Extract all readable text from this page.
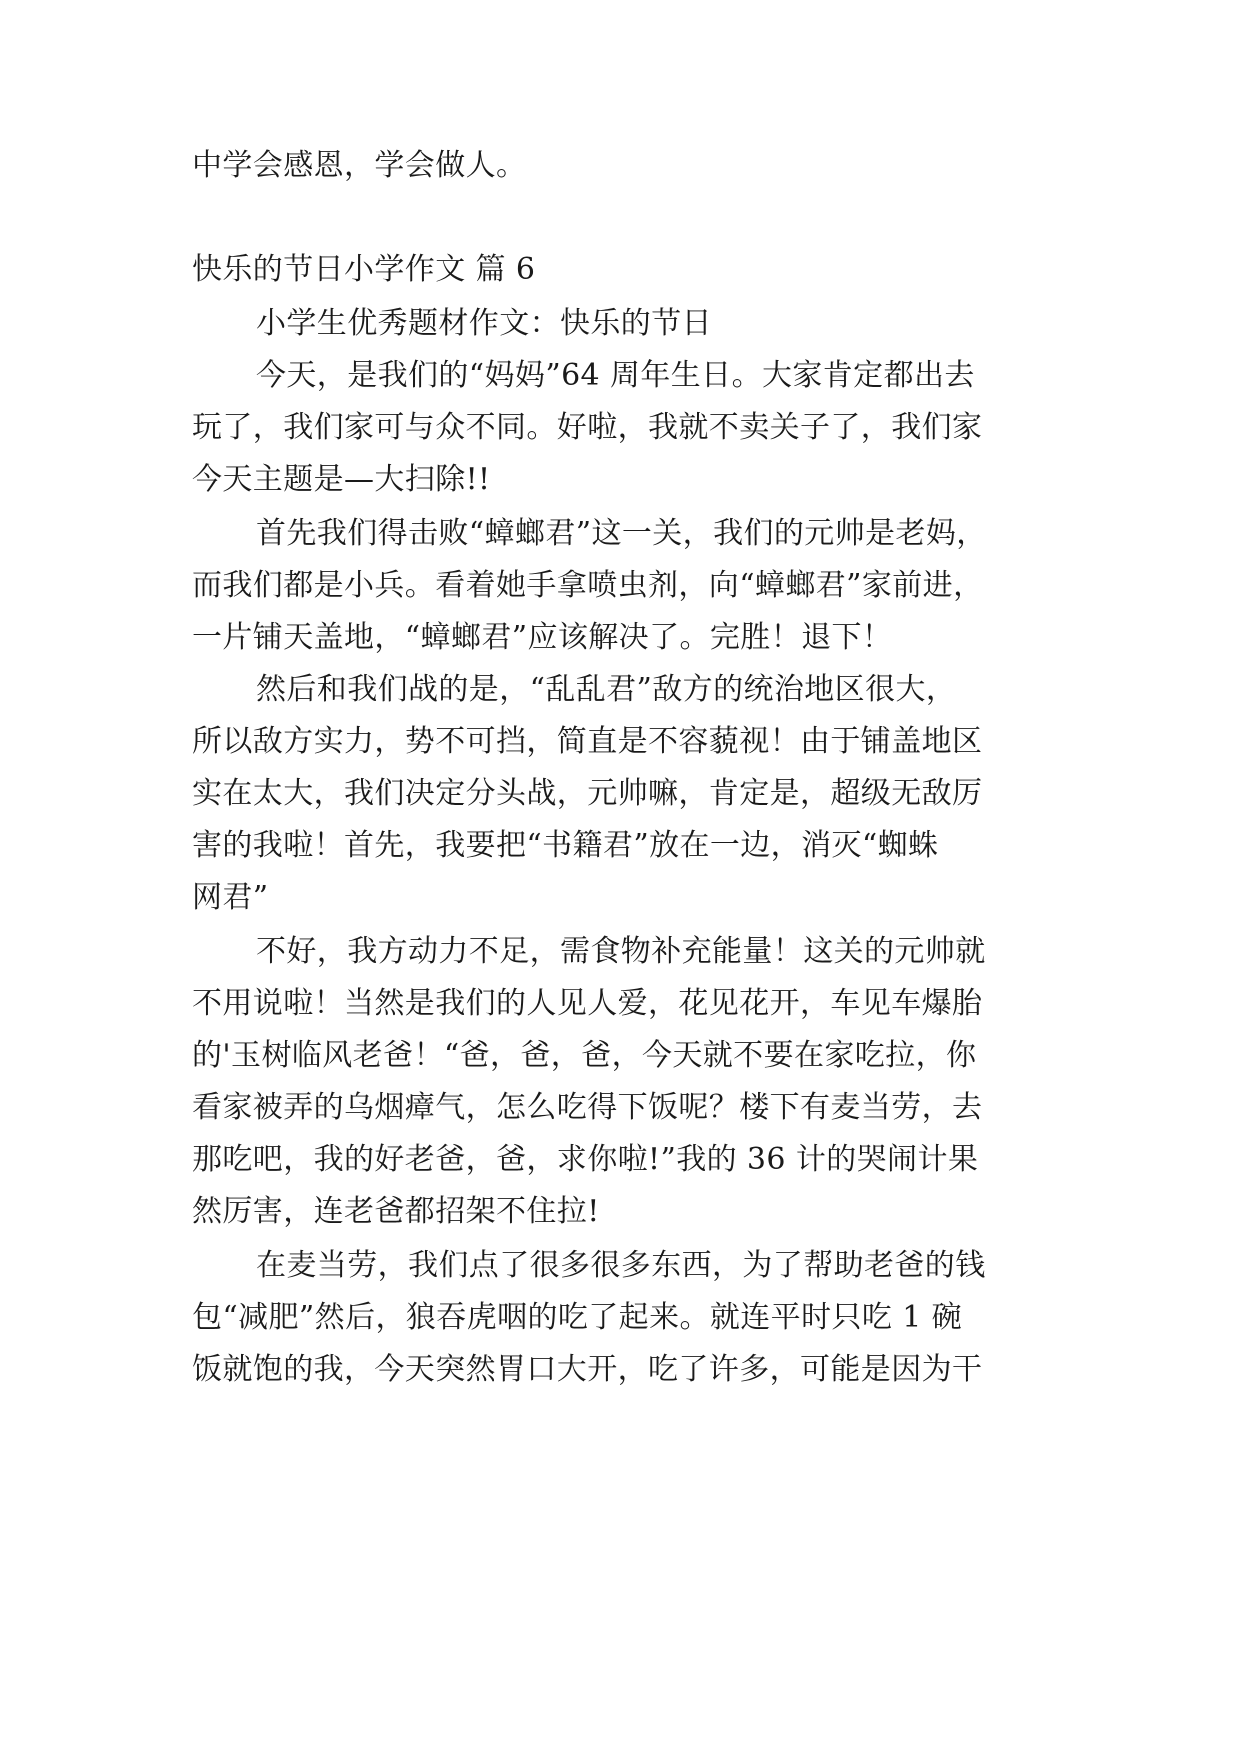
中学会感恩，学会做人。
快乐的节日小学作文 篇 6
小学生优秀题材作文：快乐的节日
今天，是我们的“妈妈”64 周年生日。大家肯定都出去
玩了，我们家可与众不同。好啦，我就不卖关子了，我们家
今天主题是—大扫除!!
首先我们得击败“蟑螂君”这一关，我们的元帅是老妈，
而我们都是小兵。看着她手拿喷虫剂，向“蟑螂君”家前进，
一片铺天盖地，“蟑螂君”应该解决了。完胜！退下！
然后和我们战的是，“乱乱君”敌方的统治地区很大，
所以敌方实力，势不可挡，简直是不容藐视！由于铺盖地区
实在太大，我们决定分头战，元帅嘛，肯定是，超级无敌厉
害的我啦！首先，我要把“书籍君”放在一边，消灭“蜘蛛
网君”
不好，我方动力不足，需食物补充能量！这关的元帅就
不用说啦！当然是我们的人见人爱，花见花开，车见车爆胎
的'玉树临风老爸！“爸，爸，爸，今天就不要在家吃拉，你
看家被弄的乌烟瘴气，怎么吃得下饭呢？楼下有麦当劳，去
那吃吧，我的好老爸，爸，求你啦!”我的 36 计的哭闹计果
然厉害，连老爸都招架不住拉!
在麦当劳，我们点了很多很多东西，为了帮助老爸的钱
包“减肥”然后，狼吞虎咽的吃了起来。就连平时只吃 1 碗
饭就饱的我，今天突然胃口大开，吃了许多，可能是因为干
